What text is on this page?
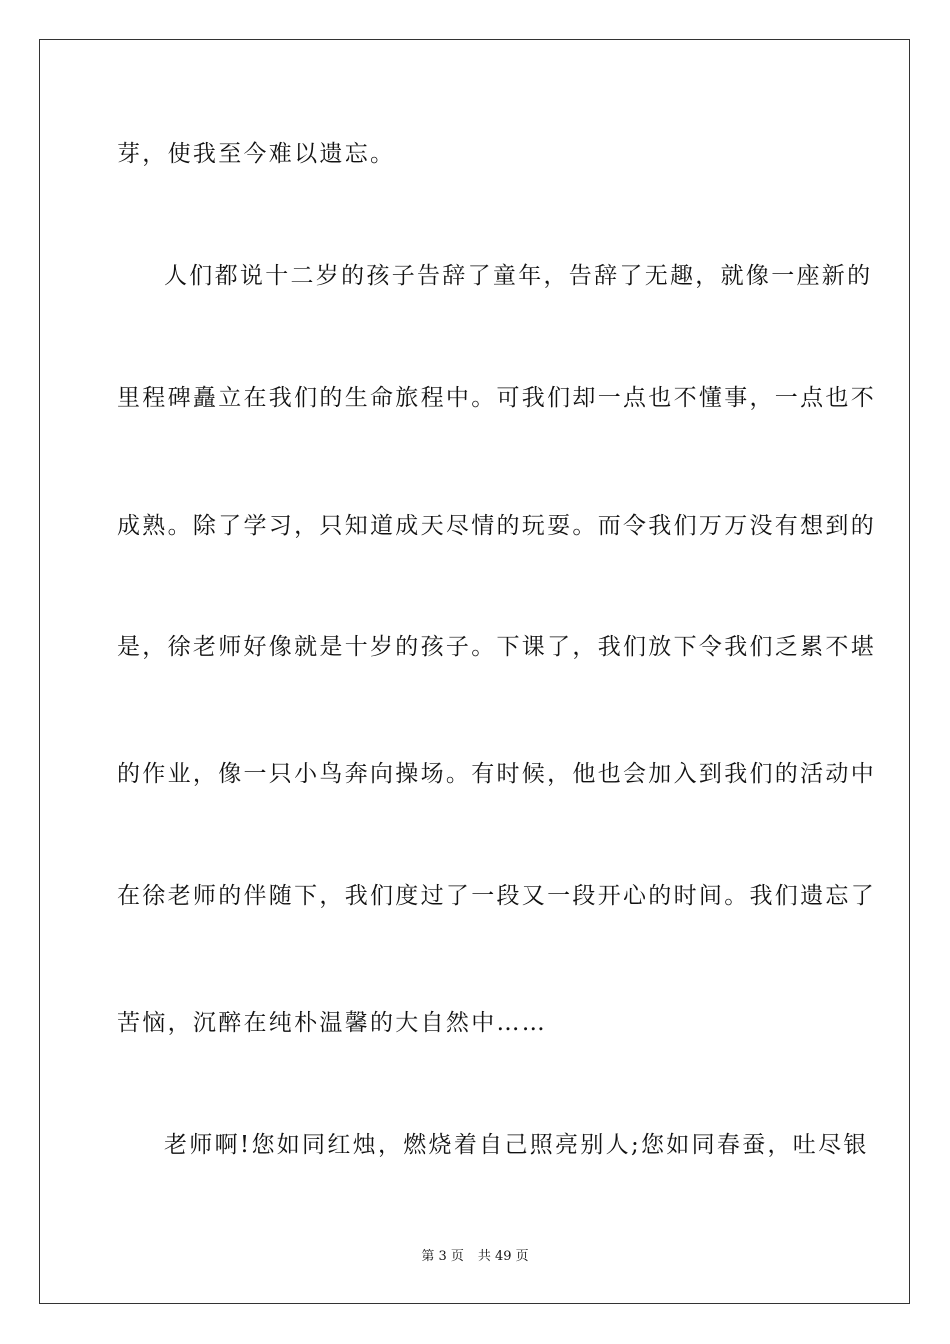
芽，使我至今难以遗忘。
人们都说十二岁的孩子告辞了童年，告辞了无趣，就像一座新的
里程碑矗立在我们的生命旅程中。可我们却一点也不懂事，一点也不
成熟。除了学习，只知道成天尽情的玩耍。而令我们万万没有想到的
是，徐老师好像就是十岁的孩子。下课了，我们放下令我们乏累不堪
的作业，像一只小鸟奔向操场。有时候，他也会加入到我们的活动中
在徐老师的伴随下，我们度过了一段又一段开心的时间。我们遗忘了
苦恼，沉醉在纯朴温馨的大自然中……
老师啊!您如同红烛，燃烧着自己照亮别人;您如同春蚕，吐尽银
第 3 页 共 49 页
